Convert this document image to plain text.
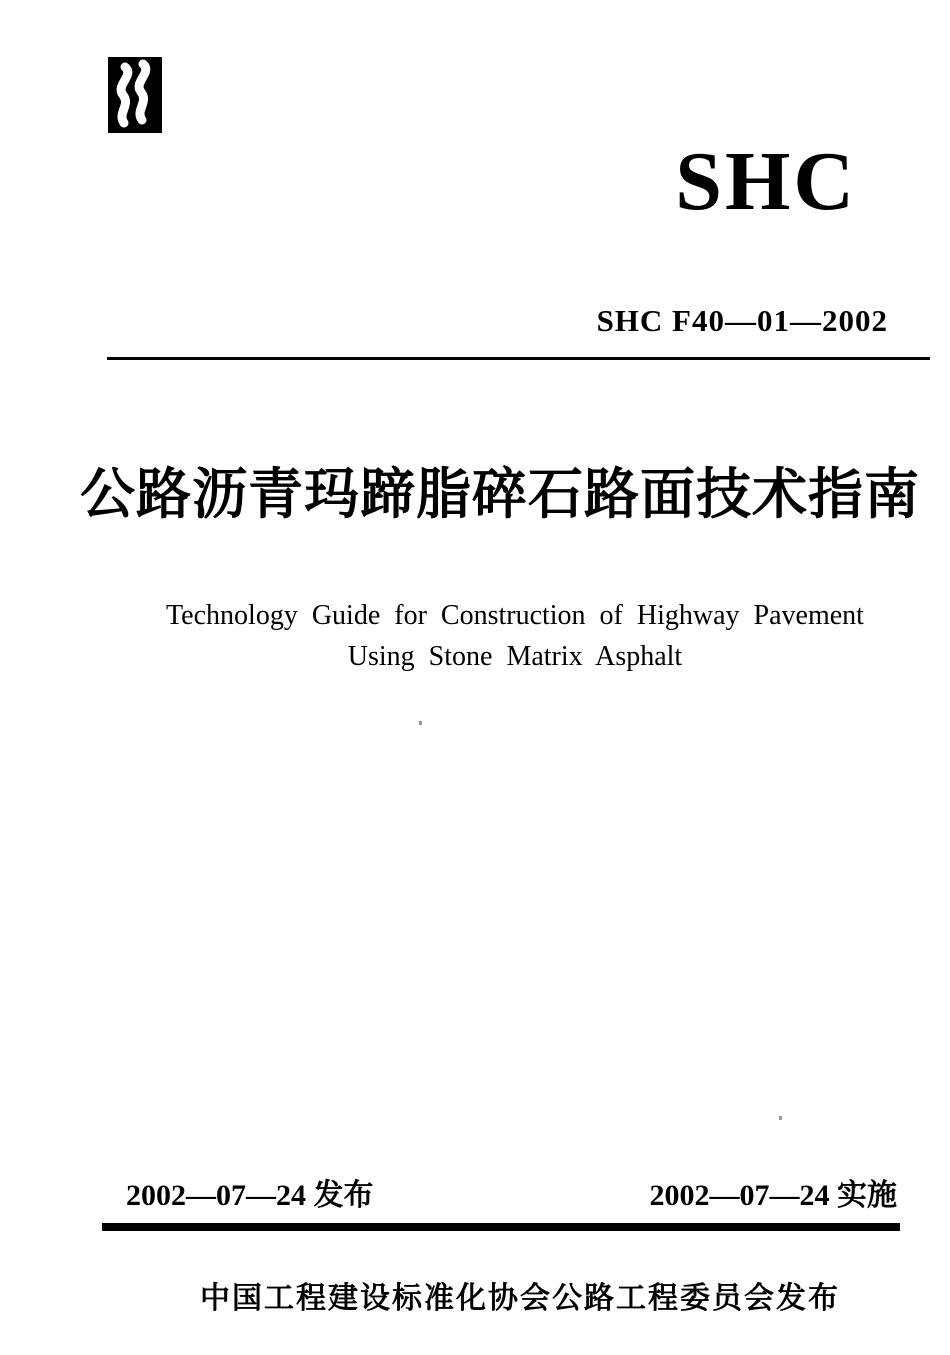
SHC
SHC F40—01—2002
公路沥青玛蹄脂碎石路面技术指南
Technology Guide for Construction of Highway Pavement
Using Stone Matrix Asphalt
2002—07—24 发布	2002—07—24 实施
中国工程建设标准化协会公路工程委员会发布
